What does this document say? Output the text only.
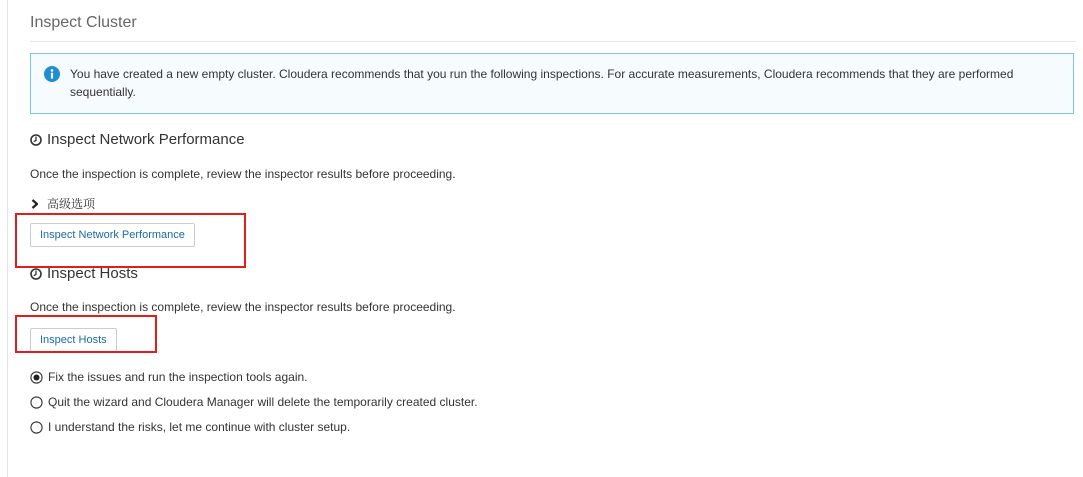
Inspect Cluster
You have created a new empty cluster. Cloudera recommends that you run the following inspections. For accurate measurements, Cloudera recommends that they are performed sequentially.
Inspect Network Performance
Once the inspection is complete, review the inspector results before proceeding.
高级选项
Inspect Network Performance
Inspect Hosts
Once the inspection is complete, review the inspector results before proceeding.
Inspect Hosts
Fix the issues and run the inspection tools again.
Quit the wizard and Cloudera Manager will delete the temporarily created cluster.
I understand the risks, let me continue with cluster setup.
